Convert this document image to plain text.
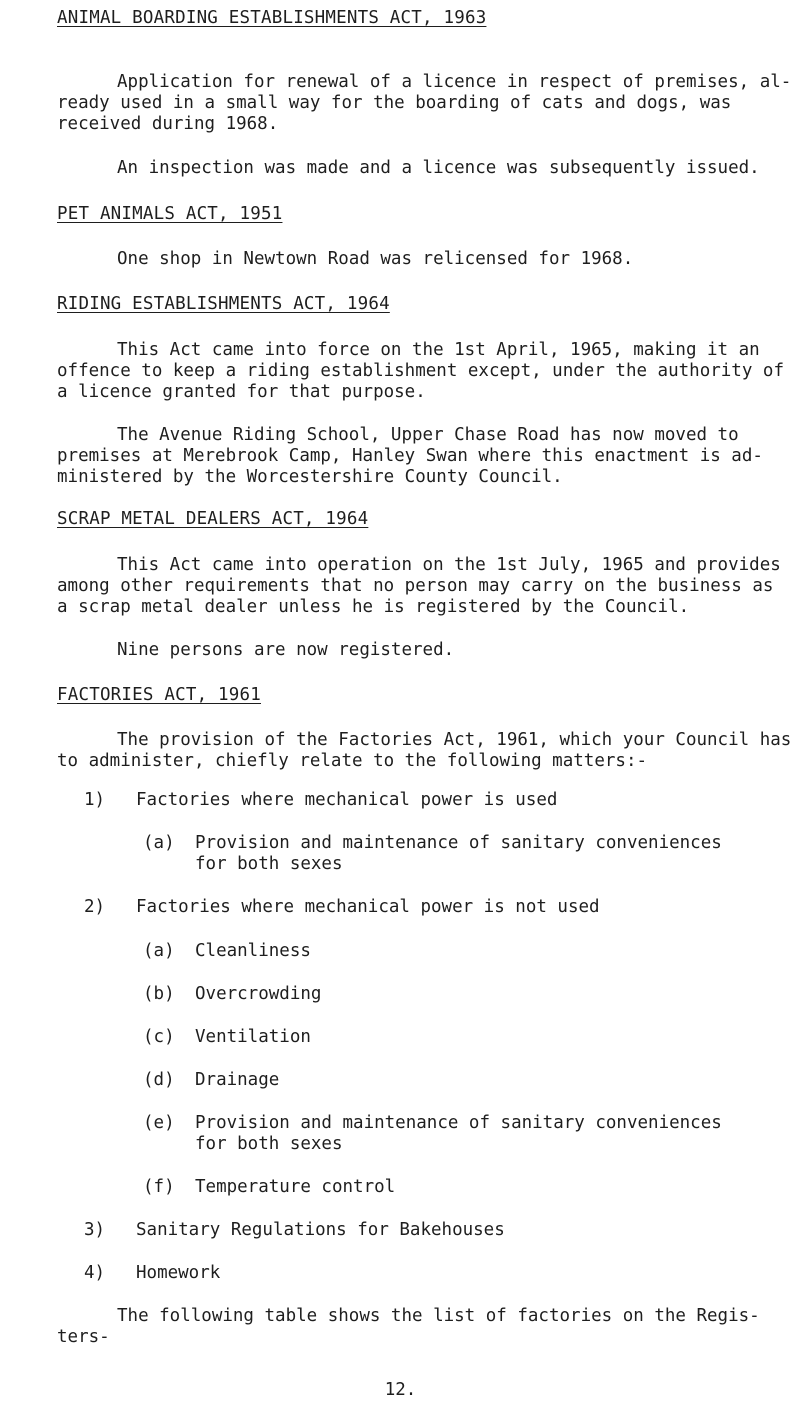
ANIMAL BOARDING ESTABLISHMENTS ACT, 1963

Application for renewal of a licence in respect of premises, al-
ready used in a small way for the boarding of cats and dogs, was
received during 1968.

An inspection was made and a licence was subsequently issued.

PET ANIMALS ACT, 1951

One shop in Newtown Road was relicensed for 1968.

RIDING ESTABLISHMENTS ACT, 1964

This Act came into force on the 1st April, 1965, making it an
offence to keep a riding establishment except, under the authority of
a licence granted for that purpose.

The Avenue Riding School, Upper Chase Road has now moved to
premises at Merebrook Camp, Hanley Swan where this enactment is ad-
ministered by the Worcestershire County Council.

SCRAP METAL DEALERS ACT, 1964

This Act came into operation on the 1st July, 1965 and provides
among other requirements that no person may carry on the business as
a scrap metal dealer unless he is registered by the Council.

Nine persons are now registered.

FACTORIES ACT, 1961

The provision of the Factories Act, 1961, which your Council has
to administer, chiefly relate to the following matters:-

1) Factories where mechanical power is used
(a) Provision and maintenance of sanitary conveniences
for both sexes
2) Factories where mechanical power is not used
(a) Cleanliness
(b) Overcrowding
(c) Ventilation
(d) Drainage
(e) Provision and maintenance of sanitary conveniences
for both sexes
(f) Temperature control
3) Sanitary Regulations for Bakehouses
4) Homework

The following table shows the list of factories on the Regis-
ters-

12.
